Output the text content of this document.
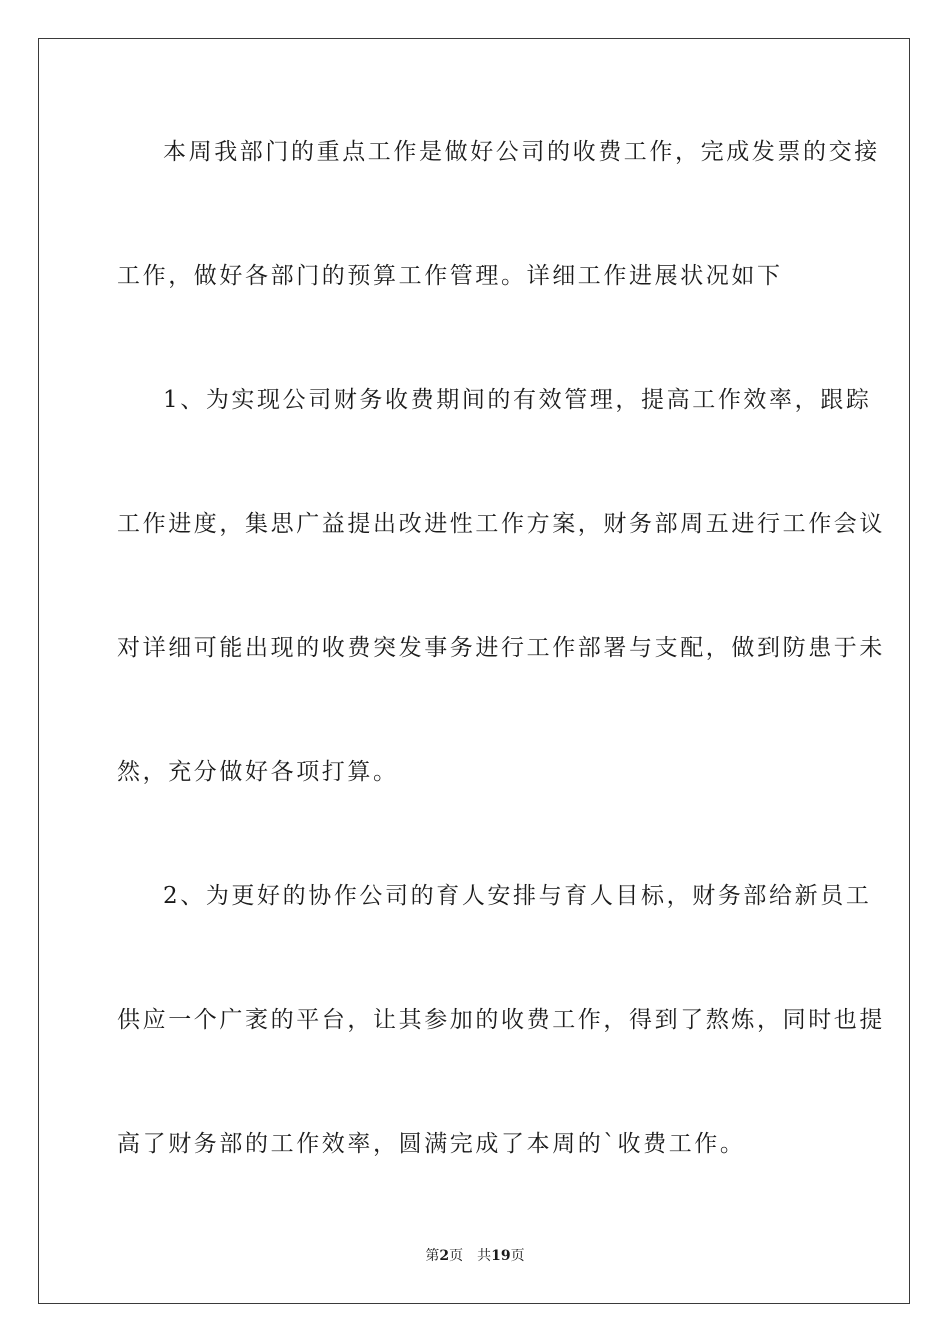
本周我部门的重点工作是做好公司的收费工作，完成发票的交接
工作，做好各部门的预算工作管理。详细工作进展状况如下
1、为实现公司财务收费期间的有效管理，提高工作效率，跟踪
工作进度，集思广益提出改进性工作方案，财务部周五进行工作会议
对详细可能出现的收费突发事务进行工作部署与支配，做到防患于未
然，充分做好各项打算。
2、为更好的协作公司的育人安排与育人目标，财务部给新员工
供应一个广袤的平台，让其参加的收费工作，得到了熬炼，同时也提
高了财务部的工作效率，圆满完成了本周的`收费工作。
第2页 共19页
